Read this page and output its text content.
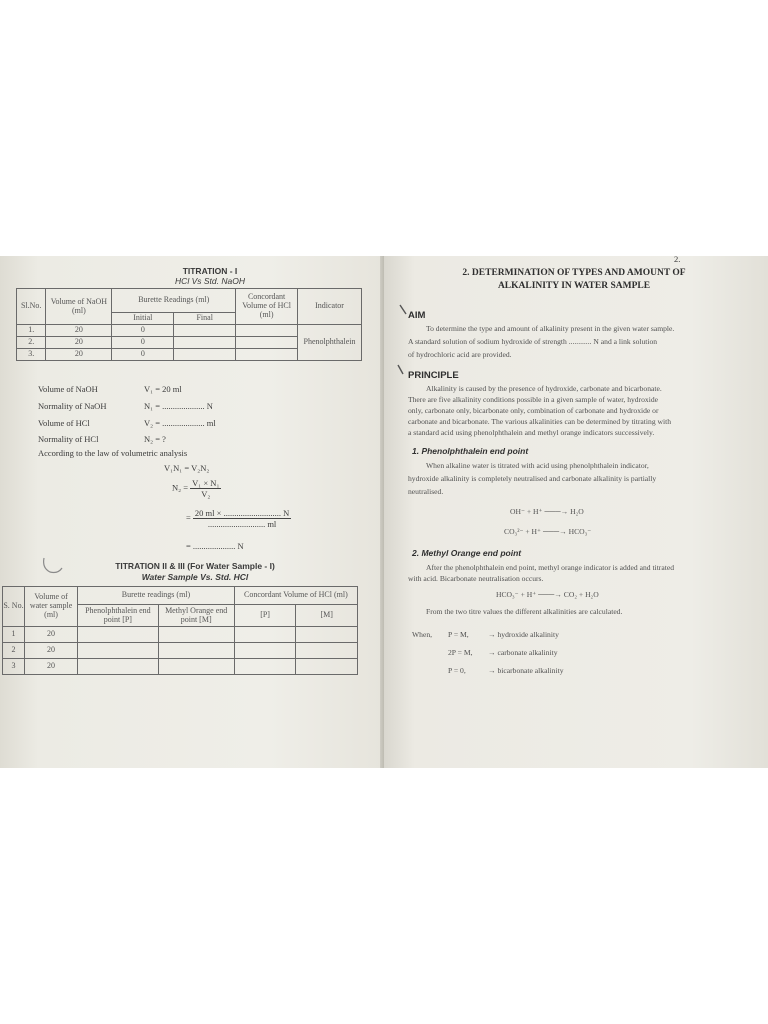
TITRATION - I
HCl Vs Std. NaOH
Sl.No.	Volume of NaOH (ml)	Burette Readings (ml)		Concordant Volume of HCl (ml)	Indicator
		Initial	Final		
1.	20	0			Phenolphthalein
2.	20	0			
3.	20	0			
Volume of NaOH	V₁ = 20 ml
Normality of NaOH	N₁ = .................... N
Volume of HCl	V₂ = .................... ml
Normality of HCl	N₂ = ?
According to the law of volumetric analysis
V₁N₁ = V₂N₂
$N_2 = \frac{\text{V₁ × N₁}}{\text{V₂}}$
= $\frac{20 ml \times ........................... N}{........................... ml}$
= .................... N
TITRATION II & III (For Water Sample - I)
Water Sample Vs. Std. HCl
S. No.	Volume of water sample (ml)	Burette readings (ml)		Concordant Volume of HCl (ml)	
		Phenolphthalein end point [P]	Methyl Orange end point [M]	[P]	[M]
1	20				
2	20				
3	20				
2.
2. DETERMINATION OF TYPES AND AMOUNT OF
ALKALINITY IN WATER SAMPLE
AIM
To determine the type and amount of alkalinity present in the given water sample.
A standard solution of sodium hydroxide of strength ............ N and a link solution
of hydrochloric acid are provided.
PRINCIPLE
Alkalinity is caused by the presence of hydroxide, carbonate and bicarbonate.
There are five alkalinity conditions possible in a given sample of water, hydroxide
only, carbonate only, bicarbonate only, combination of carbonate and hydroxide or
carbonate and bicarbonate. The various alkalinities can be determined by titrating with
a standard acid using phenolphthalein and methyl orange indicators successively.
1. Phenolphthalein end point
When alkaline water is titrated with acid using phenolphthalein indicator,
hydroxide alkalinity is completely neutralised and carbonate alkalinity is partially
neutralised.
OH⁻ + H⁺ ───→ H₂O
CO₃²⁻ + H⁺ ───→ HCO₃⁻
2. Methyl Orange end point
After the phenolphthalein end point, methyl orange indicator is added and titrated
with acid. Bicarbonate neutralisation occurs.
HCO₃⁻ + H⁺ ───→ CO₂ + H₂O
From the two titre values the different alkalinities are calculated.
When, P = M,	→ hydroxide alkalinity
2P = M, → carbonate alkalinity
P = 0,	→ bicarbonate alkalinity
